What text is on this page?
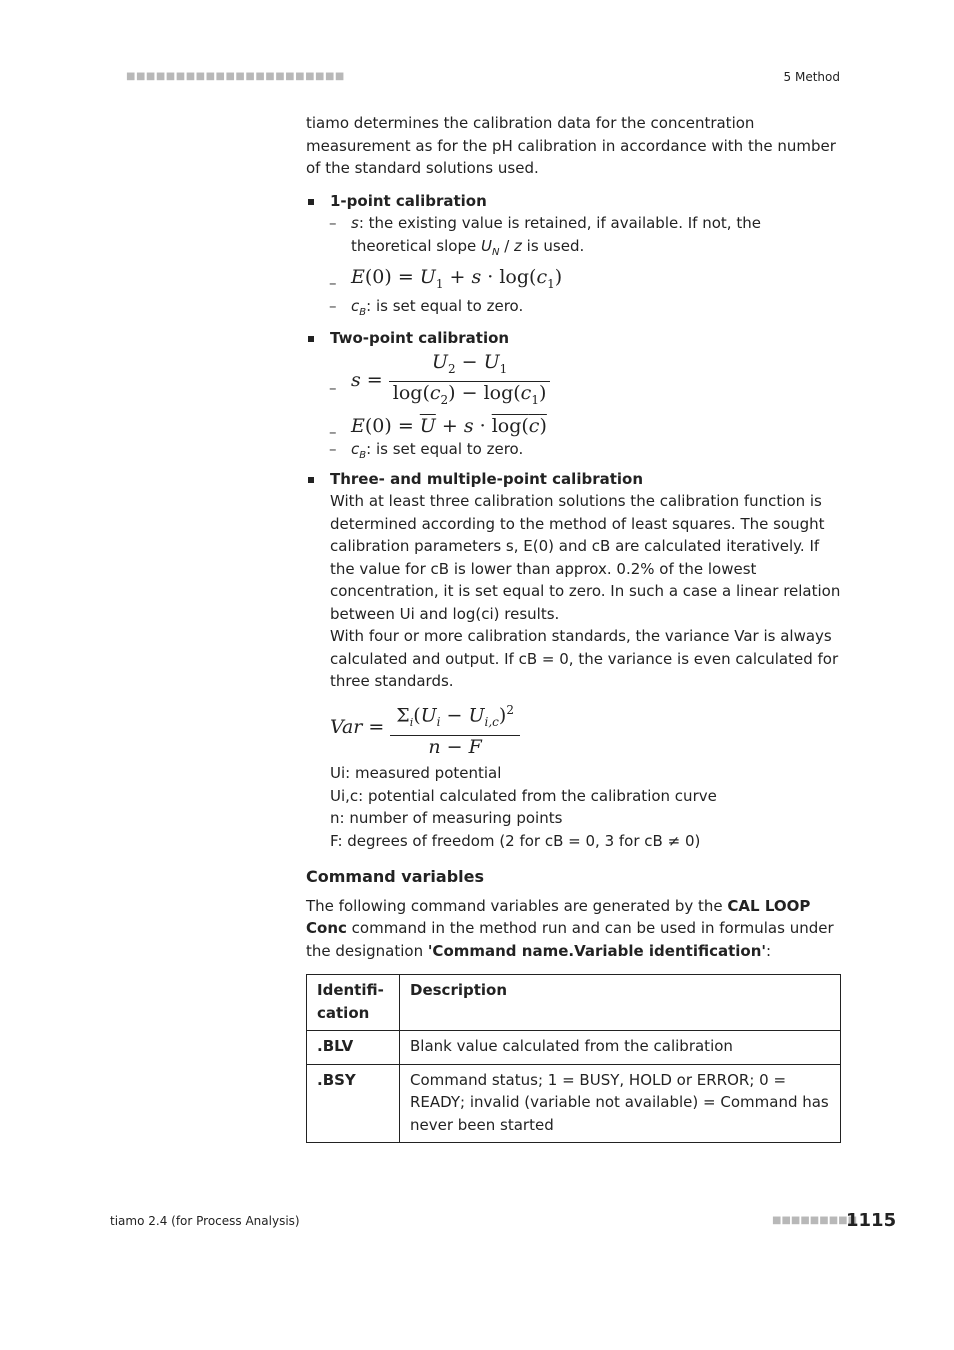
■■■■■■■■■■■■■■■■■■■■■■	5 Method

tiamo determines the calibration data for the concentration measurement as for the pH calibration in accordance with the number of the standard solutions used.

1-point calibration
– s: the existing value is retained, if available. If not, the theoretical slope $U_N$ / z is used.
– $E(0) = U_1 + s \cdot \log(c_1)$
– $c_B$: is set equal to zero.
Two-point calibration
– $s = \frac{U_2 - U_1}{\log(c_2) - \log(c_1)}$
– $E(0) = \overline{U} + s \cdot \log(c)$
– $c_B$: is set equal to zero.
Three- and multiple-point calibration
With at least three calibration solutions the calibration function is determined according to the method of least squares. The sought calibration parameters s, E(0) and cB are calculated iteratively. If the value for cB is lower than approx. 0.2% of the lowest concentration, it is set equal to zero. In such a case a linear relation between Ui and log(ci) results.
With four or more calibration standards, the variance Var is always calculated and output. If cB = 0, the variance is even calculated for three standards.
Var = $\frac{\Sigma_i(U_i - U_{i,c})^2}{n - F}$
Ui: measured potential
Ui,c: potential calculated from the calibration curve
n: number of measuring points
F: degrees of freedom (2 for cB = 0, 3 for cB ≠ 0)
Command variables

The following command variables are generated by the CAL LOOP Conc command in the method run and can be used in formulas under the designation 'Command name.Variable identification':

Identifi-cation	Description
.BLV	Blank value calculated from the calibration
.BSY	Command status; 1 = BUSY, HOLD or ERROR; 0 = READY; invalid (variable not available) = Command has never been started
tiamo 2.4 (for Process Analysis)	■■■■■■■■■
1115
